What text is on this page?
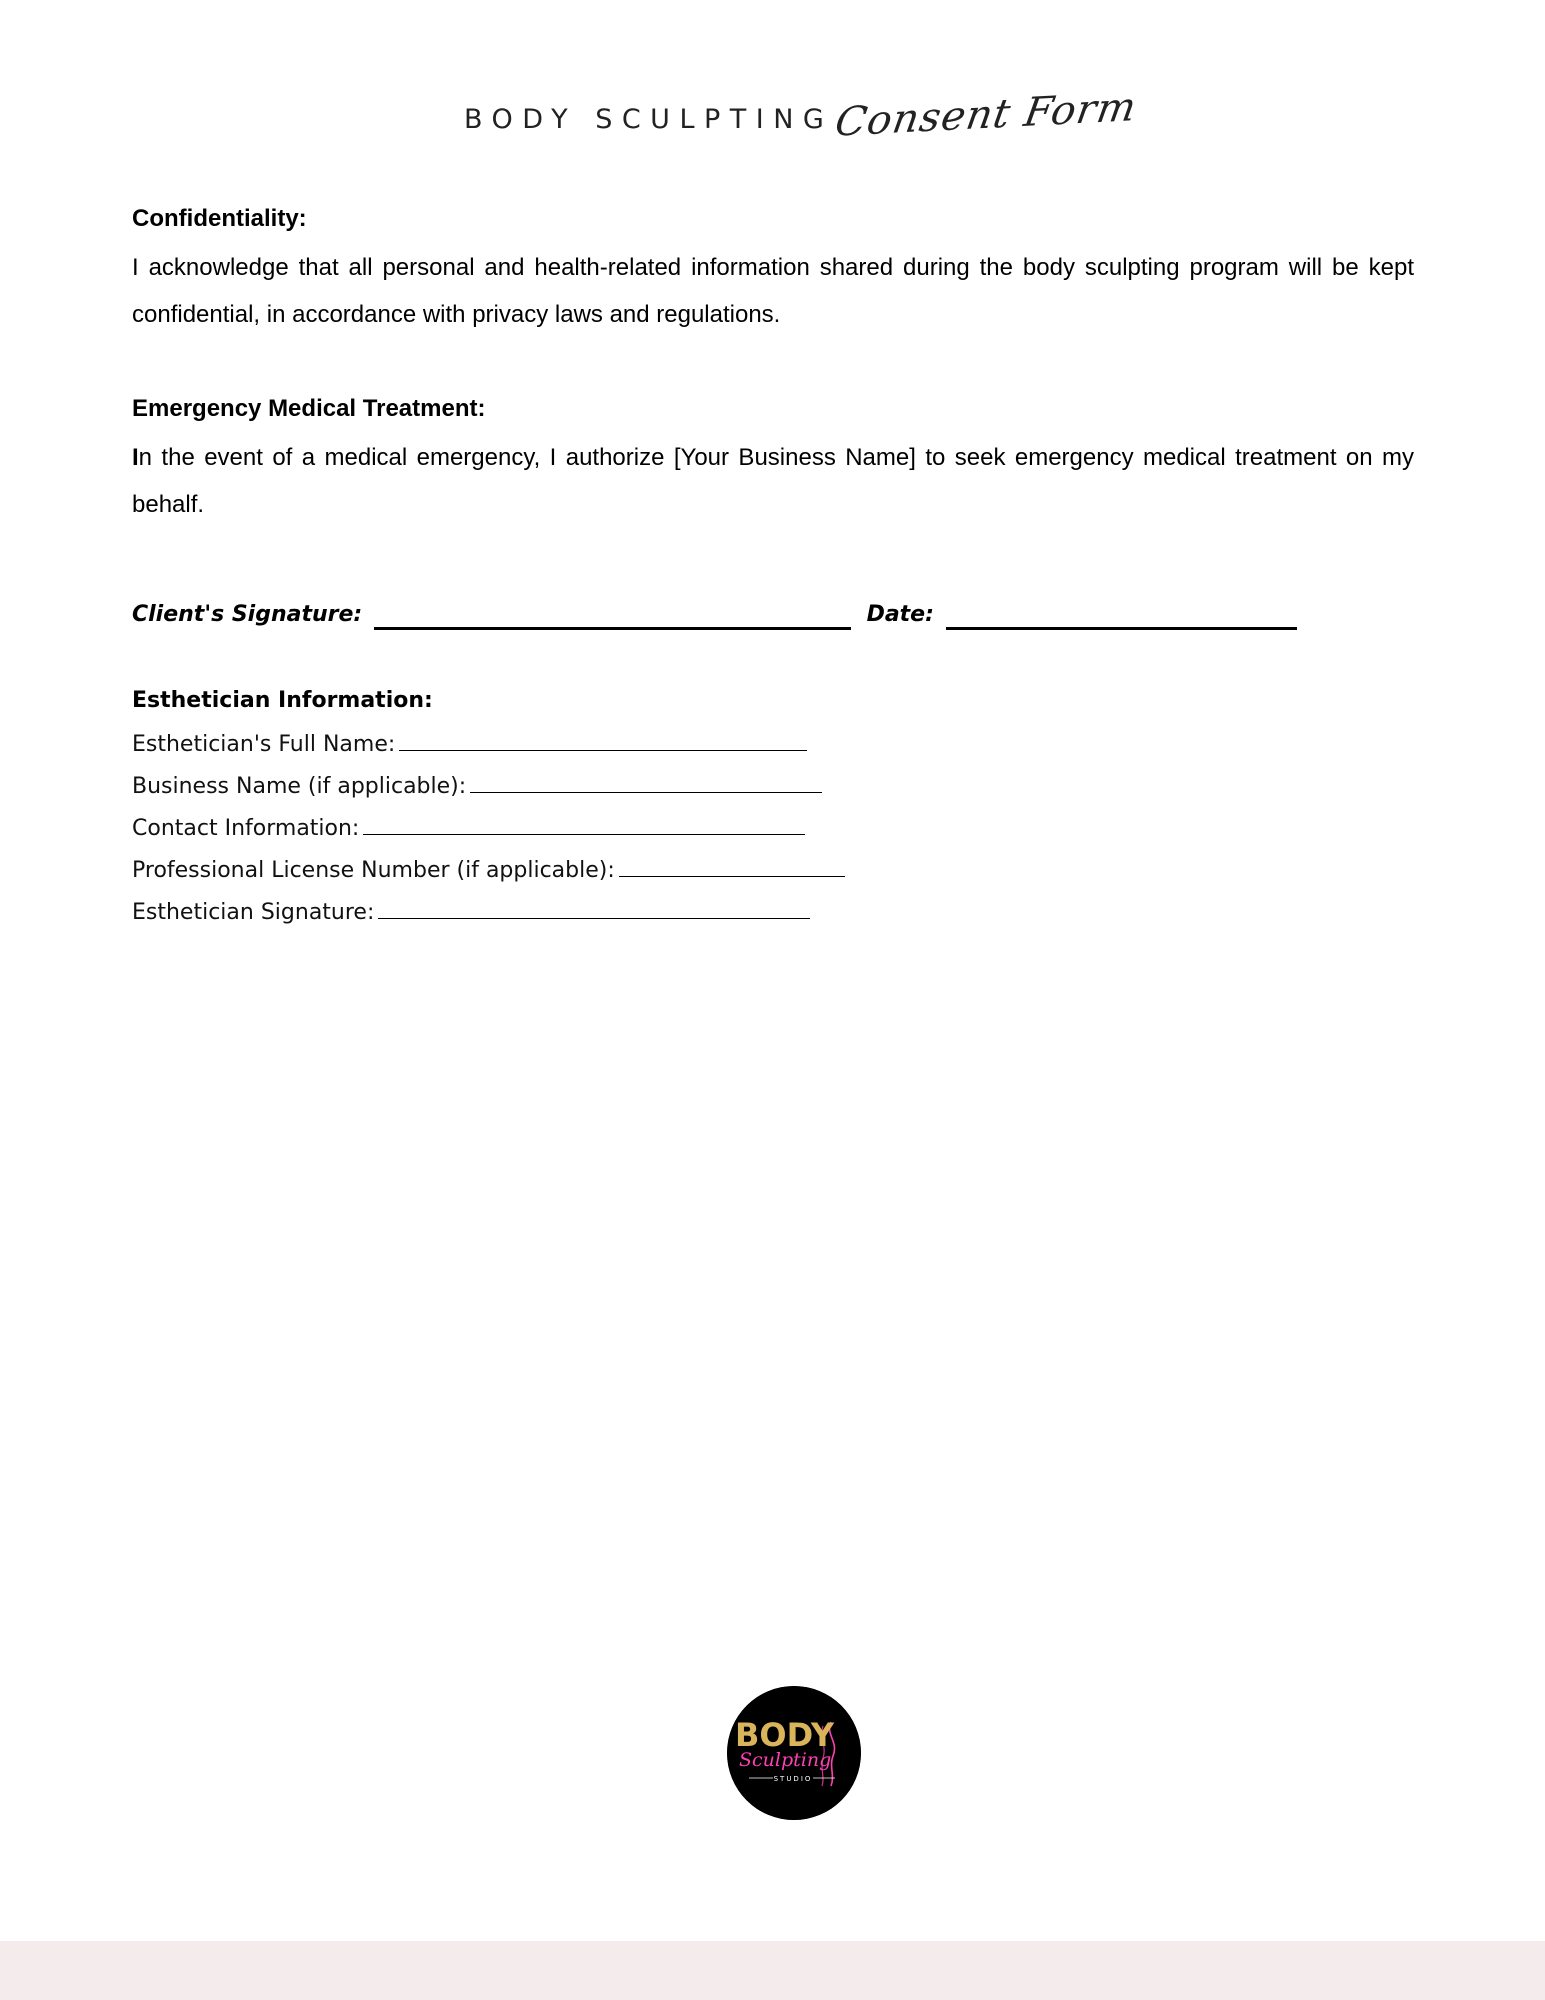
BODY SCULPTING
Consent Form

Confidentiality:

I acknowledge that all personal and health-related information shared during the body sculpting program will be kept confidential, in accordance with privacy laws and regulations.

Emergency Medical Treatment:

In the event of a medical emergency, I authorize [Your Business Name] to seek emergency medical treatment on my behalf.

Client's Signature:	Date:

Esthetician Information:

Esthetician's Full Name:
Business Name (if applicable):
Contact Information:
Professional License Number (if applicable):
Esthetician Signature:
BODY
Sculpting
STUDIO
